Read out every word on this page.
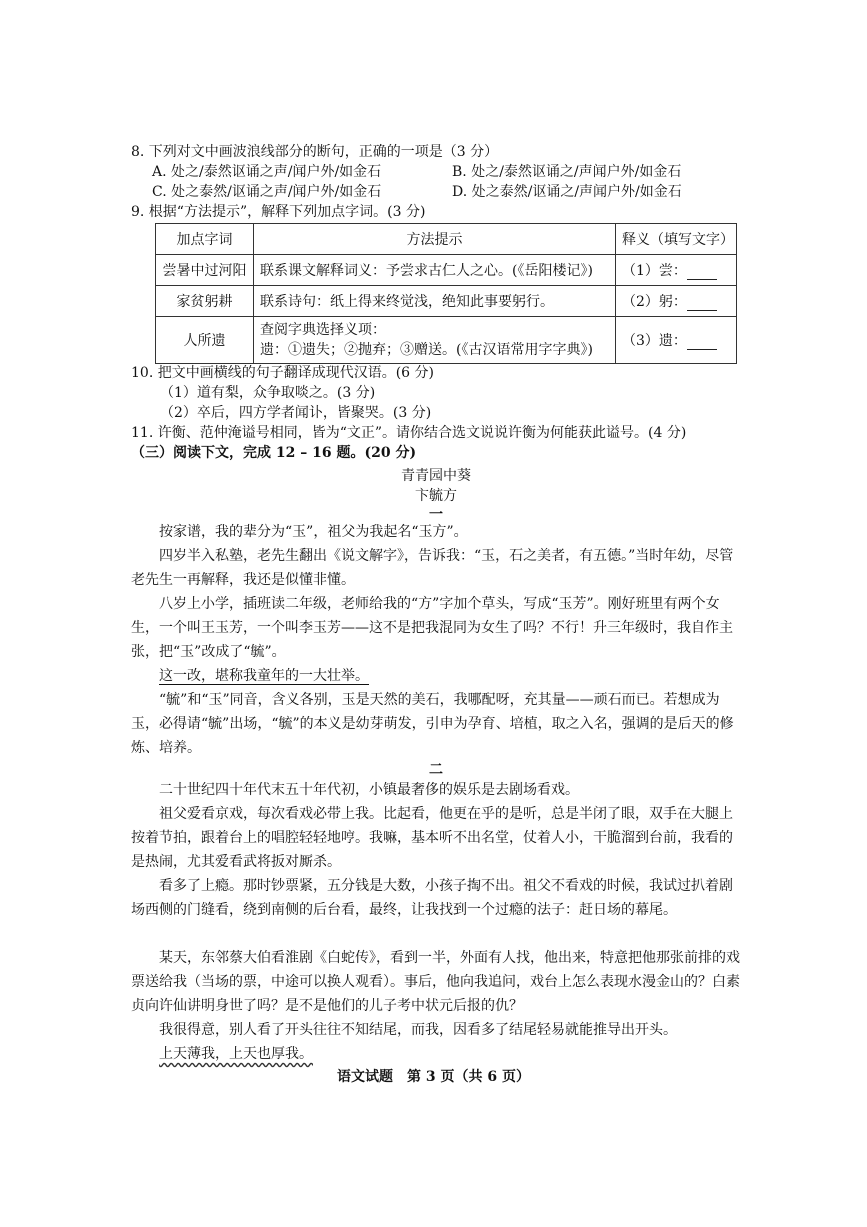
8. 下列对文中画波浪线部分的断句，正确的一项是（3 分）
A. 处之/泰然讴诵之声/闻户外/如金石	B. 处之/泰然讴诵之/声闻户外/如金石
C. 处之泰然/讴诵之声/闻户外/如金石	D. 处之泰然/讴诵之/声闻户外/如金石
9. 根据“方法提示”，解释下列加点字词。(3 分)
加点字词	方法提示	释义（填写文字）
尝暑中过河阳	联系课文解释词义：予尝求古仁人之心。(《岳阳楼记》)	（1）尝：
家贫躬耕	联系诗句：纸上得来终觉浅，绝知此事要躬行。	（2）躬：
人所遗	查阅字典选择义项：
遗：①遗失；②抛弃；③赠送。(《古汉语常用字字典》)	（3）遗：
10. 把文中画横线的句子翻译成现代汉语。(6 分)
（1）道有梨，众争取啖之。(3 分)
（2）卒后，四方学者闻讣，皆聚哭。(3 分)
11. 许衡、范仲淹谥号相同，皆为“文正”。请你结合选文说说许衡为何能获此谥号。(4 分)
（三）阅读下文，完成 12 – 16 题。(20 分)
青青园中葵
卞毓方
一
按家谱，我的辈分为“玉”，祖父为我起名“玉方”。
四岁半入私塾，老先生翻出《说文解字》，告诉我：“玉，石之美者，有五德。”当时年幼，尽管老先生一再解释，我还是似懂非懂。
八岁上小学，插班读二年级，老师给我的“方”字加个草头，写成“玉芳”。刚好班里有两个女生，一个叫王玉芳，一个叫李玉芳——这不是把我混同为女生了吗？不行！升三年级时，我自作主张，把“玉”改成了“毓”。
这一改，堪称我童年的一大壮举。
“毓”和“玉”同音，含义各别，玉是天然的美石，我哪配呀，充其量——顽石而已。若想成为玉，必得请“毓”出场，“毓”的本义是幼芽萌发，引申为孕育、培植，取之入名，强调的是后天的修炼、培养。
二
二十世纪四十年代末五十年代初，小镇最奢侈的娱乐是去剧场看戏。
祖父爱看京戏，每次看戏必带上我。比起看，他更在乎的是听，总是半闭了眼，双手在大腿上按着节拍，跟着台上的唱腔轻轻地哼。我嘛，基本听不出名堂，仗着人小，干脆溜到台前，我看的是热闹，尤其爱看武将扳对厮杀。
看多了上瘾。那时钞票紧，五分钱是大数，小孩子掏不出。祖父不看戏的时候，我试过扒着剧场西侧的门缝看，绕到南侧的后台看，最终，让我找到一个过瘾的法子：赶日场的幕尾。
某天，东邻蔡大伯看淮剧《白蛇传》，看到一半，外面有人找，他出来，特意把他那张前排的戏票送给我（当场的票，中途可以换人观看）。事后，他向我追问，戏台上怎么表现水漫金山的？白素贞向许仙讲明身世了吗？是不是他们的儿子考中状元后报的仇？
我很得意，别人看了开头往往不知结尾，而我，因看多了结尾轻易就能推导出开头。
上天薄我，上天也厚我。
语文试题　第 3 页（共 6 页）
